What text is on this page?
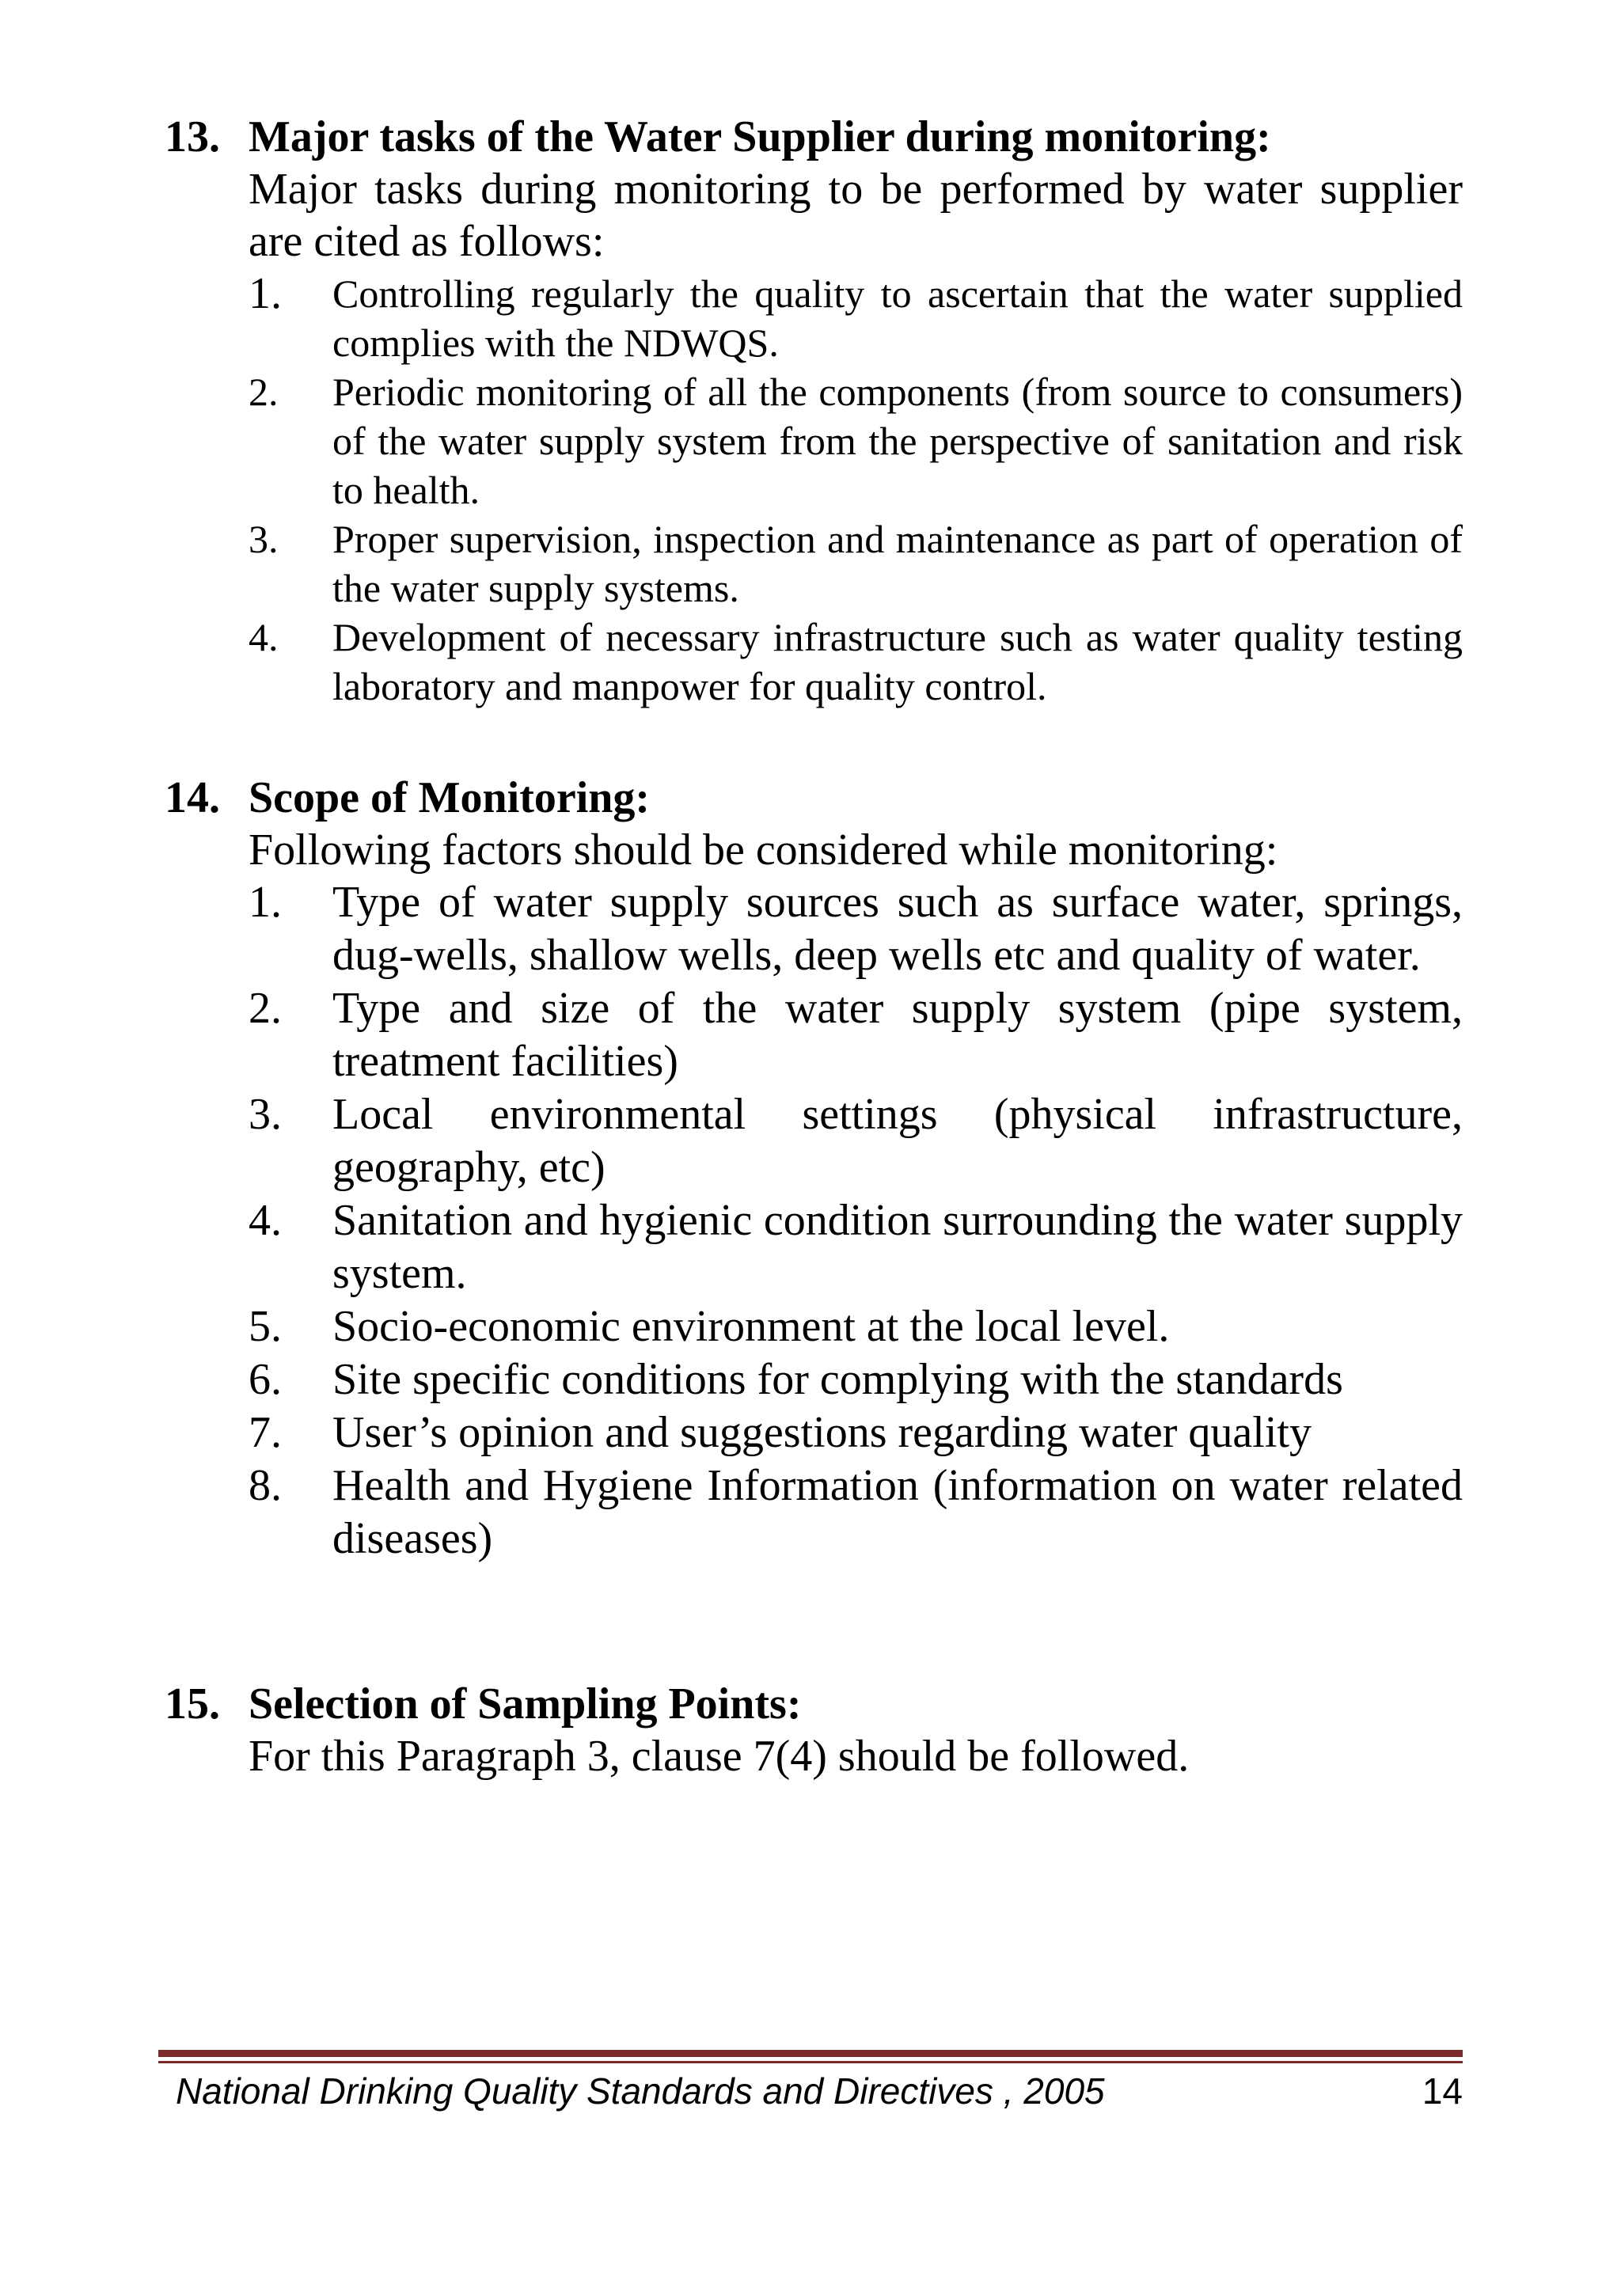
13. Major tasks of the Water Supplier during monitoring:
Major tasks during monitoring to be performed by water supplier are cited as follows:
1. Controlling regularly the quality to ascertain that the water supplied complies with the NDWQS.
2. Periodic monitoring of all the components (from source to consumers) of the water supply system from the perspective of sanitation and risk to health.
3. Proper supervision, inspection and maintenance as part of operation of the water supply systems.
4. Development of necessary infrastructure such as water quality testing laboratory and manpower for quality control.
14. Scope of Monitoring:
Following factors should be considered while monitoring:
1. Type of water supply sources such as surface water, springs, dug-wells, shallow wells, deep wells etc and quality of water.
2. Type and size of the water supply system (pipe system, treatment facilities)
3. Local environmental settings (physical infrastructure, geography, etc)
4. Sanitation and hygienic condition surrounding the water supply system.
5. Socio-economic environment at the local level.
6. Site specific conditions for complying with the standards
7. User’s opinion and suggestions regarding water quality
8. Health and Hygiene Information (information on water related diseases)
15. Selection of Sampling Points:
For this Paragraph 3, clause 7(4) should be followed.
National Drinking Quality Standards and Directives , 2005	14
